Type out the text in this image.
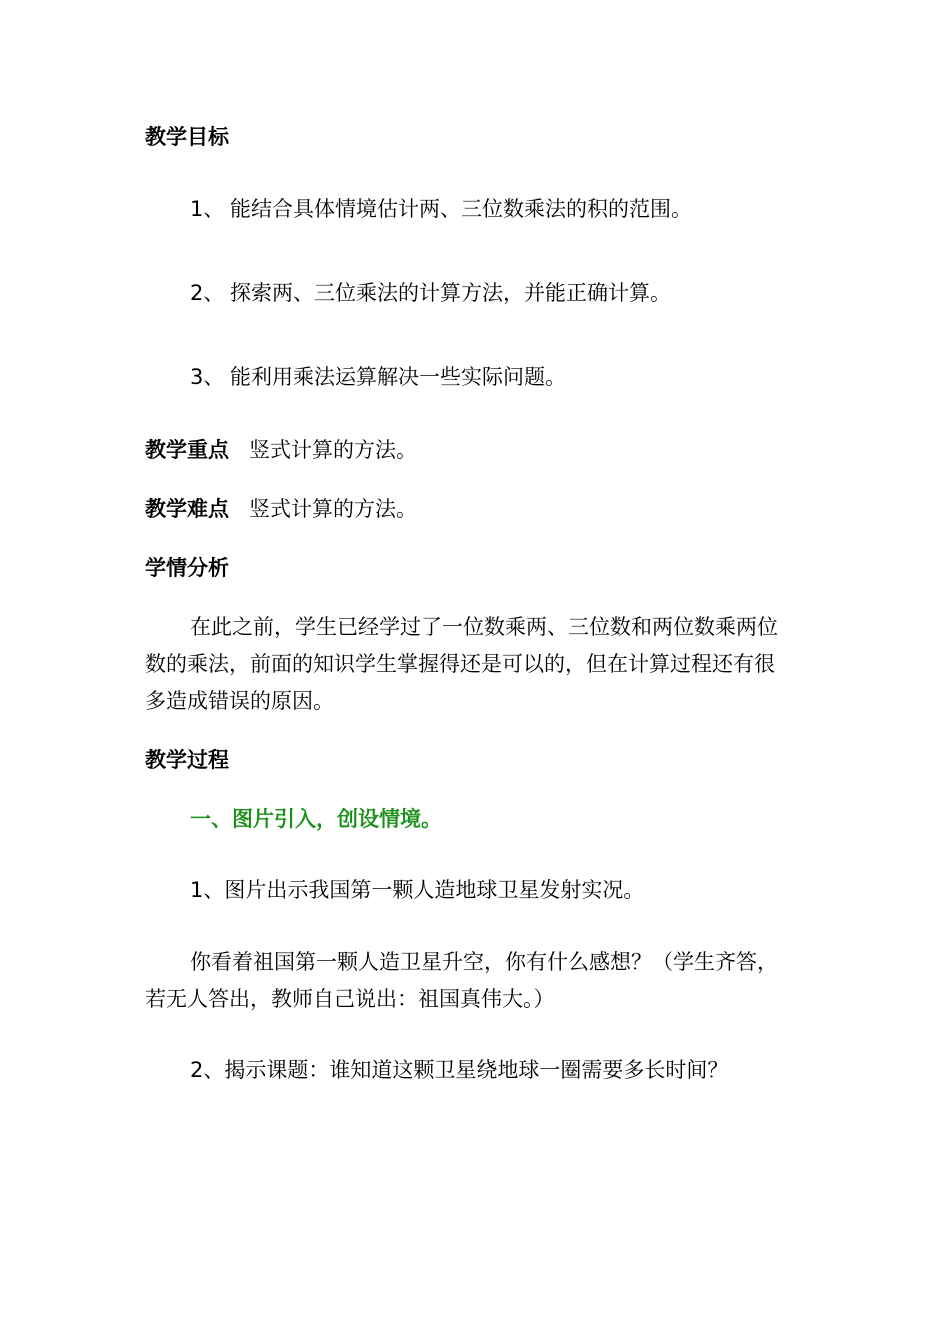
教学目标
1、 能结合具体情境估计两、三位数乘法的积的范围。
2、 探索两、三位乘法的计算方法，并能正确计算。
3、 能利用乘法运算解决一些实际问题。
教学重点 竖式计算的方法。
教学难点 竖式计算的方法。
学情分析
在此之前，学生已经学过了一位数乘两、三位数和两位数乘两位
数的乘法，前面的知识学生掌握得还是可以的，但在计算过程还有很
多造成错误的原因。
教学过程
一、图片引入，创设情境。
1、图片出示我国第一颗人造地球卫星发射实况。
你看着祖国第一颗人造卫星升空，你有什么感想？（学生齐答，
若无人答出，教师自己说出：祖国真伟大。）
2、揭示课题：谁知道这颗卫星绕地球一圈需要多长时间？
